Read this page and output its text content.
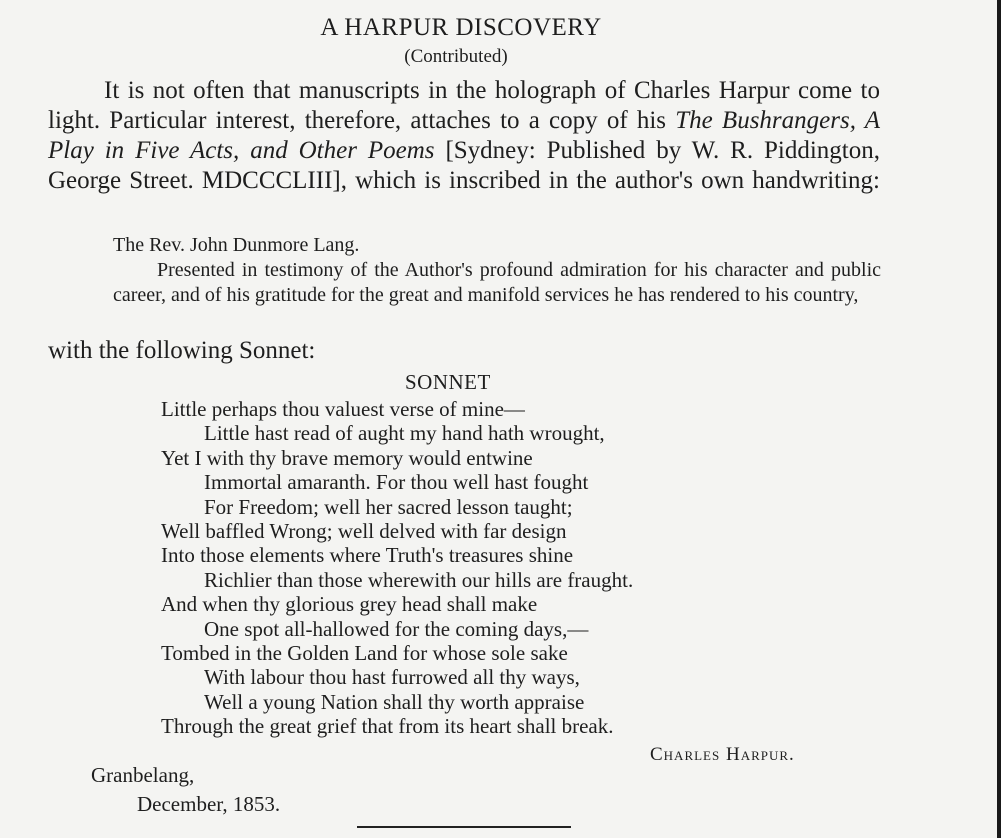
A HARPUR DISCOVERY
(Contributed)

It is not often that manuscripts in the holograph of Charles Harpur come to light. Particular interest, therefore, attaches to a copy of his The Bushrangers, A Play in Five Acts, and Other Poems [Sydney: Published by W. R. Piddington, George Street. MDCCCLIII], which is inscribed in the author's own handwriting:

The Rev. John Dunmore Lang.

Presented in testimony of the Author's profound admiration for his character and public career, and of his gratitude for the great and manifold services he has rendered to his country,

with the following Sonnet:
SONNET
Little perhaps thou valuest verse of mine—
Little hast read of aught my hand hath wrought,
Yet I with thy brave memory would entwine
Immortal amaranth. For thou well hast fought
For Freedom; well her sacred lesson taught;
Well baffled Wrong; well delved with far design
Into those elements where Truth's treasures shine
Richlier than those wherewith our hills are fraught.
And when thy glorious grey head shall make
One spot all-hallowed for the coming days,—
Tombed in the Golden Land for whose sole sake
With labour thou hast furrowed all thy ways,
Well a young Nation shall thy worth appraise
Through the great grief that from its heart shall break.
Charles Harpur.
Granbelang,
December, 1853.
